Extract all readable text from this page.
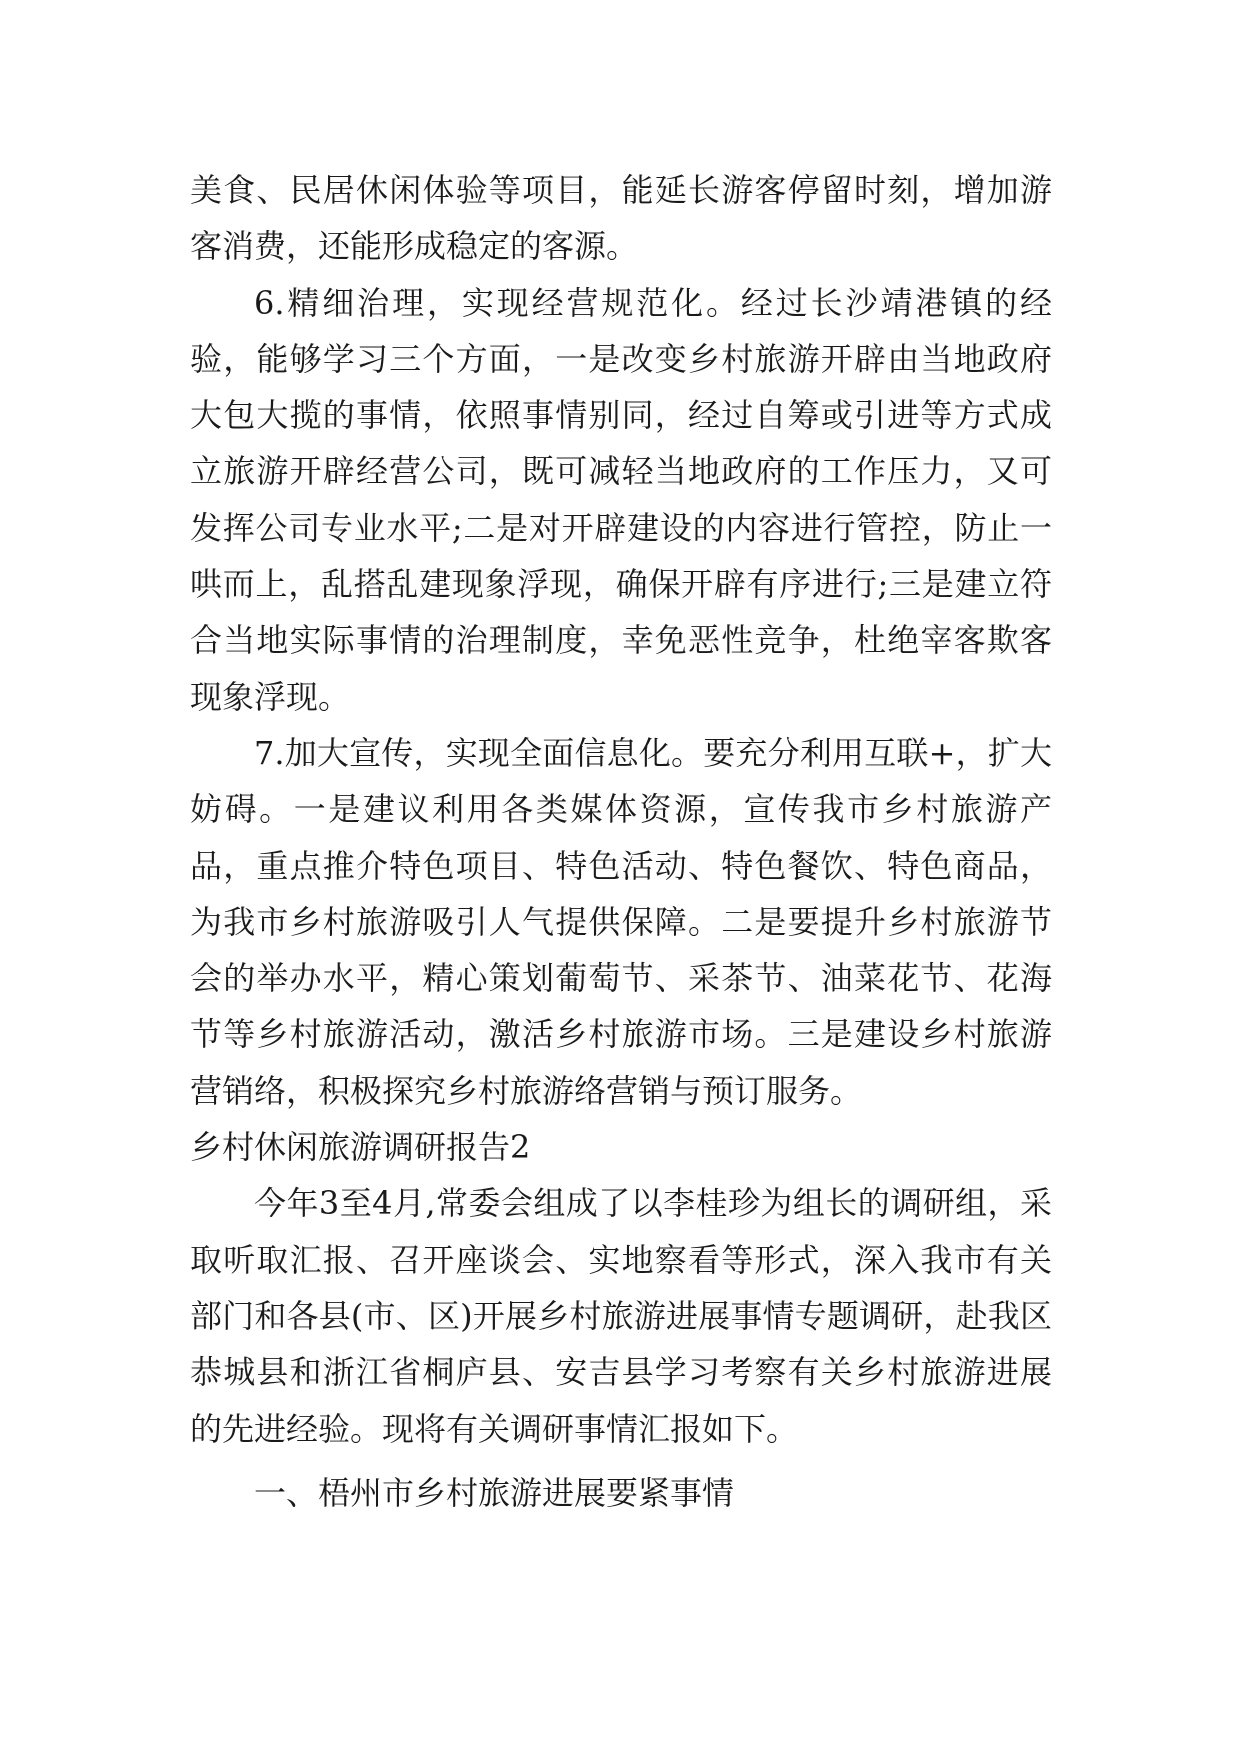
美食、民居休闲体验等项目，能延长游客停留时刻，增加游客消费，还能形成稳定的客源。

6.精细治理，实现经营规范化。经过长沙靖港镇的经验，能够学习三个方面，一是改变乡村旅游开辟由当地政府大包大揽的事情，依照事情别同，经过自筹或引进等方式成立旅游开辟经营公司，既可减轻当地政府的工作压力，又可发挥公司专业水平;二是对开辟建设的内容进行管控，防止一哄而上，乱搭乱建现象浮现，确保开辟有序进行;三是建立符合当地实际事情的治理制度，幸免恶性竞争，杜绝宰客欺客现象浮现。

7.加大宣传，实现全面信息化。要充分利用互联+，扩大妨碍。一是建议利用各类媒体资源，宣传我市乡村旅游产品，重点推介特色项目、特色活动、特色餐饮、特色商品，为我市乡村旅游吸引人气提供保障。二是要提升乡村旅游节会的举办水平，精心策划葡萄节、采茶节、油菜花节、花海节等乡村旅游活动，激活乡村旅游市场。三是建设乡村旅游营销络，积极探究乡村旅游络营销与预订服务。

乡村休闲旅游调研报告2

今年3至4月,常委会组成了以李桂珍为组长的调研组，采取听取汇报、召开座谈会、实地察看等形式，深入我市有关部门和各县(市、区)开展乡村旅游进展事情专题调研，赴我区恭城县和浙江省桐庐县、安吉县学习考察有关乡村旅游进展的先进经验。现将有关调研事情汇报如下。

一、梧州市乡村旅游进展要紧事情
